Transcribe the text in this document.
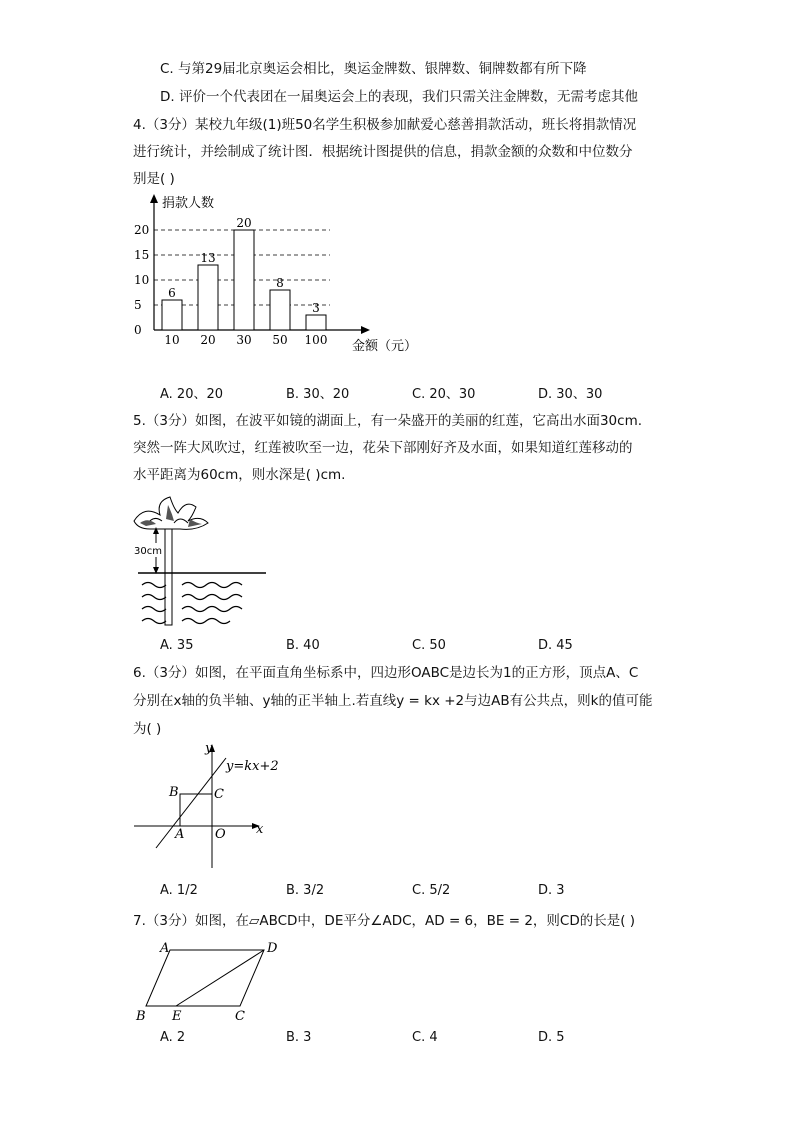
C. 与第29届北京奥运会相比，奥运金牌数、银牌数、铜牌数都有所下降
D. 评价一个代表团在一届奥运会上的表现，我们只需关注金牌数，无需考虑其他
4.（3分）某校九年级(1)班50名学生积极参加献爱心慈善捐款活动，班长将捐款情况
进行统计，并绘制成了统计图．根据统计图提供的信息，捐款金额的众数和中位数分
别是( )
捐款人数
金额（元）
0
5
10
15
20
6
10
13
20
20
30
8
50
3
100
A. 20、20	B. 30、20	C. 20、30	D. 30、30
5.（3分）如图，在波平如镜的湖面上，有一朵盛开的美丽的红莲，它高出水面30cm.
突然一阵大风吹过，红莲被吹至一边，花朵下部刚好齐及水面，如果知道红莲移动的
水平距离为60cm，则水深是( )cm.
30cm
A. 35	B. 40	C. 50	D. 45
6.（3分）如图，在平面直角坐标系中，四边形OABC是边长为1的正方形，顶点A、C
分别在x轴的负半轴、y轴的正半轴上.若直线y = kx +2与边AB有公共点，则k的值可能
为( )
y
x
y=kx+2
B	C
A O
A. 1/2	B. 3/2	C. 5/2	D. 3
7.（3分）如图，在▱ABCD中，DE平分∠ADC，AD = 6，BE = 2，则CD的长是( )
A	D
B E	C
A. 2	B. 3	C. 4	D. 5
